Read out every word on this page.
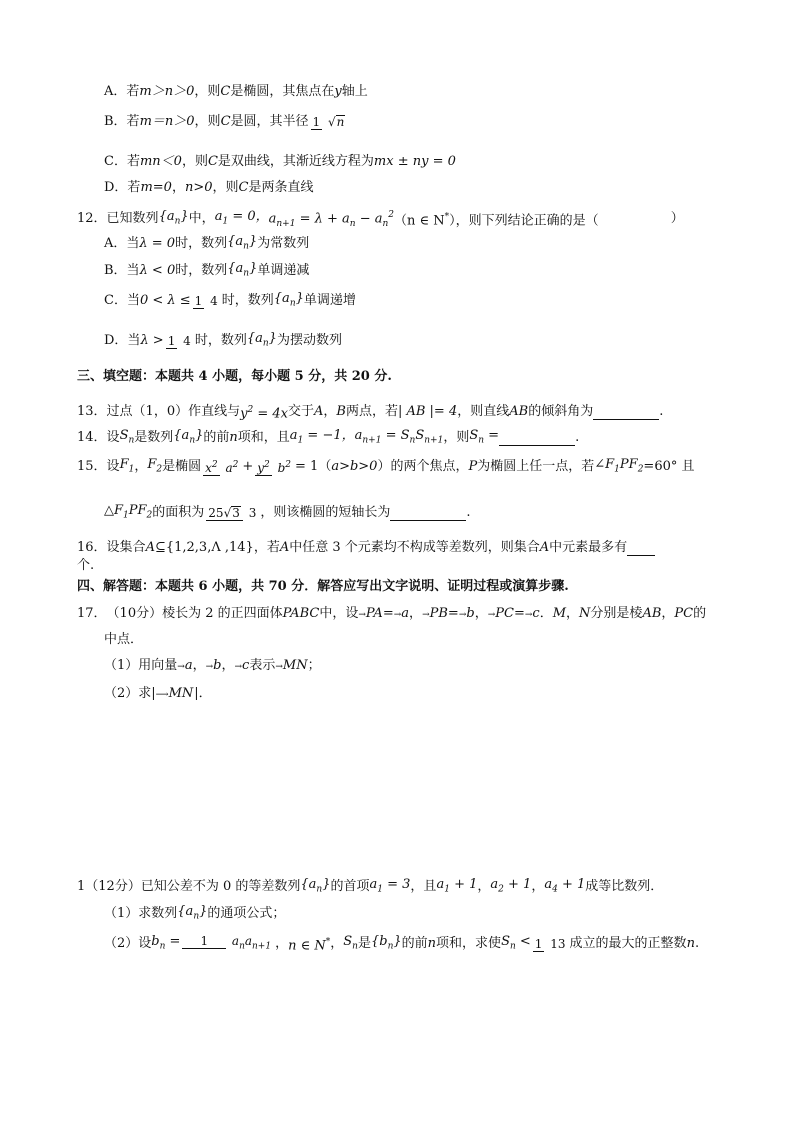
A．若 m＞n＞0 ，则 C 是椭圆，其焦点在 y 轴上
B．若 m＝n＞0 ，则 C 是圆，其半径 1 √ n
C．若 mn＜0 ，则 C 是双曲线，其渐近线方程为 mx ± ny = 0
D．若 m=0 ， n>0 ，则 C 是两条直线
12． 已知数列 $\{a_n\}$ 中， $a_1 = 0$， $a_{n+1} = \lambda + a_n - a_n^2$ （n ∈ N*），则下列结论正确的是（	）
A．当 λ = 0 时，数列 $\{a_n\}$ 为常数列
B．当 λ < 0 时，数列 $\{a_n\}$ 单调递减
C．当 0 < λ ≤ 1 4 时，数列 $\{a_n\}$ 单调递增
D．当 λ > 1 4 时，数列 $\{a_n\}$ 为摆动数列
三、填空题：本题共 4 小题，每小题 5 分，共 20 分.
13． 过点（1，0）作直线与 $y^2 = 4x$ 交于 A ， B 两点，若 | AB |= 4 ，则直线 AB 的倾斜角为	.
14． 设 $S_n$ 是数列 $\{a_n\}$ 的前 n 项和，且 $a_1 = -1$， $a_{n+1} = S_nS_{n+1}$ ，则 $S_n$ =	.
15． 设 $F_1$ ， $F_2$ 是椭圆 $x^2$ $a^2 + y^2$ $b^2 = 1$（ a>b>0 ）的两个焦点， P 为椭圆上任一点，若 $\angle F_1PF_2 =60^\circ$ 且
$\triangle F_1PF_2$ 的面积为 25√ 3 3 ，则该椭圆的短轴长为	.
16． 设集合 A ⊆ {1,2,3,Λ ,14} ，若 A 中任意 3 个元素均不构成等差数列，则集合 A 中元素最多有
个.
四、解答题：本题共 6 小题，共 70 分．解答应写出文字说明、证明过程或演算步骤.
17． （10分）棱长为 2 的正四面体 PABC 中，设 →PA = →a ， →PB = →b ， →PC = →c ． M ， N 分别是棱 AB ， PC 的
中点．
（1）用向量 →a ， →b ， →c 表示 →MN ；
（2）求 | ⟶MN | ．
1 （12分）已知公差不为 0 的等差数列 $\{a_n\}$ 的首项 $a_1 = 3$ ，且 $a_1 + 1$ ， $a_2 + 1$ ， $a_4 + 1$ 成等比数列．
（1）求数列 $\{a_n\}$ 的通项公式；
（2）设 $b_n$ =	1 $a_na_{n+1}$ ， n ∈ N* ， $S_n$ 是 $\{b_n\}$ 的前 n 项和，求使 $S_n < 1$ 13 成立的最大的正整数 n .
